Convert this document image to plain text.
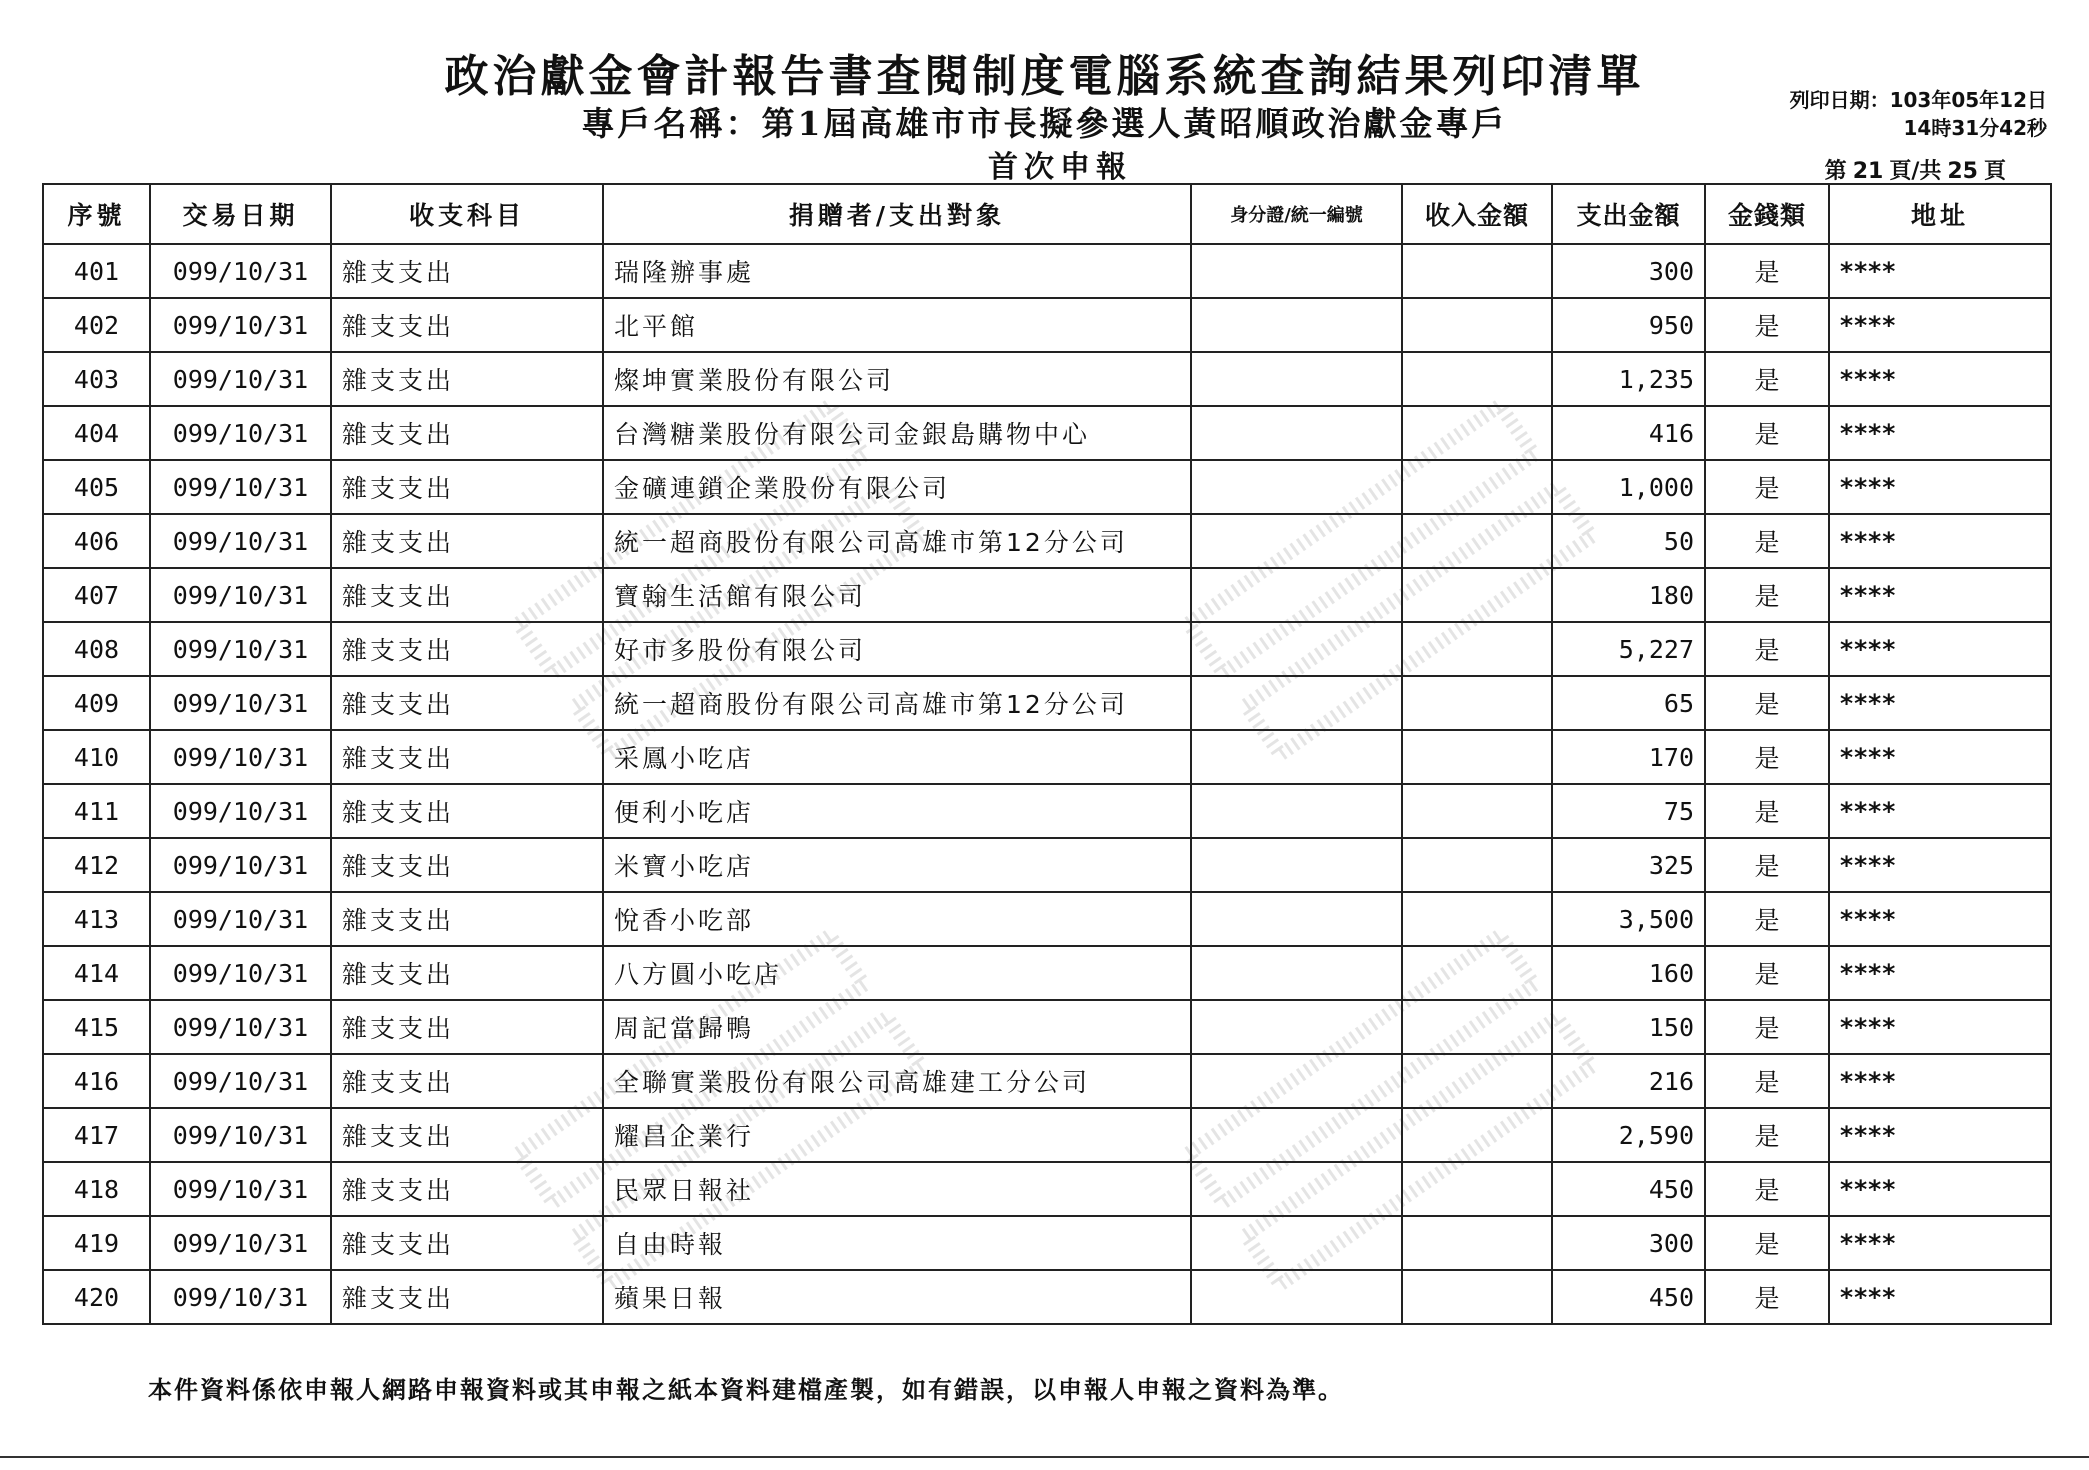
政治獻金會計報告書查閱制度電腦系統查詢結果列印清單
專戶名稱：第1屆高雄市市長擬參選人黃昭順政治獻金專戶
首次申報
列印日期：103年05年12日
14時31分42秒
第 21 頁/共 25 頁
序號	交易日期	收支科目	捐贈者/支出對象	身分證/統一編號	收入金額	支出金額	金錢類	地址
401	099/10/31	雜支支出	瑞隆辦事處			300	是	****
402	099/10/31	雜支支出	北平館			950	是	****
403	099/10/31	雜支支出	燦坤實業股份有限公司			1,235	是	****
404	099/10/31	雜支支出	台灣糖業股份有限公司金銀島購物中心			416	是	****
405	099/10/31	雜支支出	金礦連鎖企業股份有限公司			1,000	是	****
406	099/10/31	雜支支出	統一超商股份有限公司高雄市第12分公司			50	是	****
407	099/10/31	雜支支出	寶翰生活館有限公司			180	是	****
408	099/10/31	雜支支出	好市多股份有限公司			5,227	是	****
409	099/10/31	雜支支出	統一超商股份有限公司高雄市第12分公司			65	是	****
410	099/10/31	雜支支出	采鳳小吃店			170	是	****
411	099/10/31	雜支支出	便利小吃店			75	是	****
412	099/10/31	雜支支出	米寶小吃店			325	是	****
413	099/10/31	雜支支出	悅香小吃部			3,500	是	****
414	099/10/31	雜支支出	八方圓小吃店			160	是	****
415	099/10/31	雜支支出	周記當歸鴨			150	是	****
416	099/10/31	雜支支出	全聯實業股份有限公司高雄建工分公司			216	是	****
417	099/10/31	雜支支出	耀昌企業行			2,590	是	****
418	099/10/31	雜支支出	民眾日報社			450	是	****
419	099/10/31	雜支支出	自由時報			300	是	****
420	099/10/31	雜支支出	蘋果日報			450	是	****
本件資料係依申報人網路申報資料或其申報之紙本資料建檔產製，如有錯誤，以申報人申報之資料為準。
